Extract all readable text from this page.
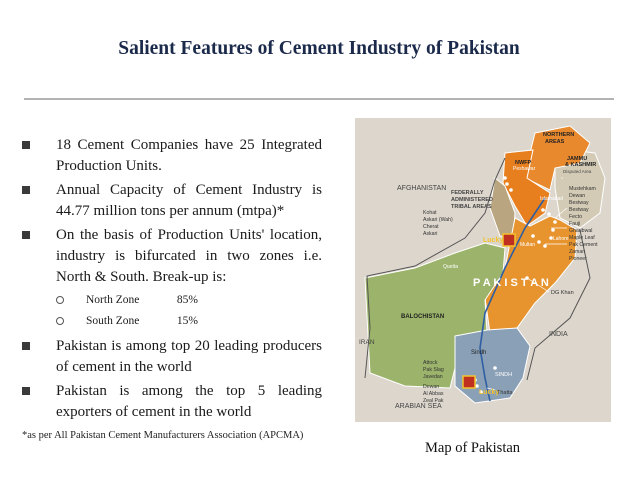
Salient Features of Cement Industry of Pakistan
18 Cement Companies have 25 Integrated Production Units.
Annual Capacity of Cement Industry is 44.77 million tons per annum (mtpa)*
On the basis of Production Units' location, industry is bifurcated in two zones i.e. North & South. Break-up is:
North Zone	85%
South Zone	15%
Pakistan is among top 20 leading producers of cement in the world
Pakistan is among the top 5 leading exporters of cement in the world
*as per All Pakistan Cement Manufacturers Association (APCMA)
AFGHANISTAN
FEDERALLY
ADMINISTERED
TRIBAL AREAS
NORTHERN
AREAS
NWFP
Peshawar
JAMMU
& KASHMIR
Disputed Area
P A K I S T A N
BALOCHISTAN
Sindh
INDIA
IRAN
ARABIAN SEA
Quetta
Multan
Lahore
Islamabad
SINDH
Lucky
Lucky
DG Khan
Thatta
Kohat
Askari (Wah)
Cherat
Askari
Mustehkam
Dewan
Bestway
Bestway
Fecto
Fauji
Gharibwal
Maple Leaf
Pak Cement
Zaman
Pioneer
Attock
Pak Slag
Javedan
Dewan
Al Abbas
Zeal Pak
Map of Pakistan
